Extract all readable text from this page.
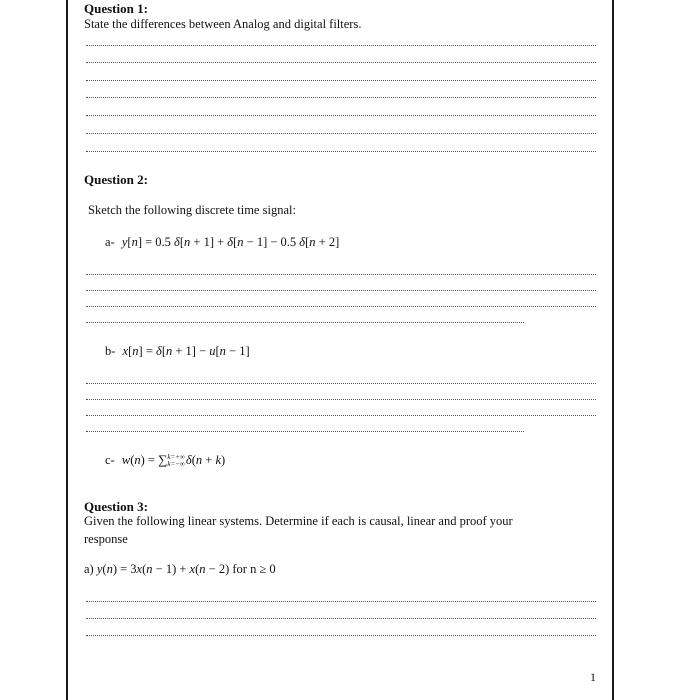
Question 1:
State the differences between Analog and digital filters.
Question 2:
Sketch the following discrete time signal:
a- y[n] = 0.5 δ[n + 1] + δ[n − 1] − 0.5 δ[n + 2]
b- x[n] = δ[n + 1] − u[n − 1]
c- w(n) = ∑k=+∞
k=−∞δ(n + k)
Question 3:
Given the following linear systems. Determine if each is causal, linear and proof your
response
a) y(n) = 3x(n − 1) + x(n − 2) for n ≥ 0
1
